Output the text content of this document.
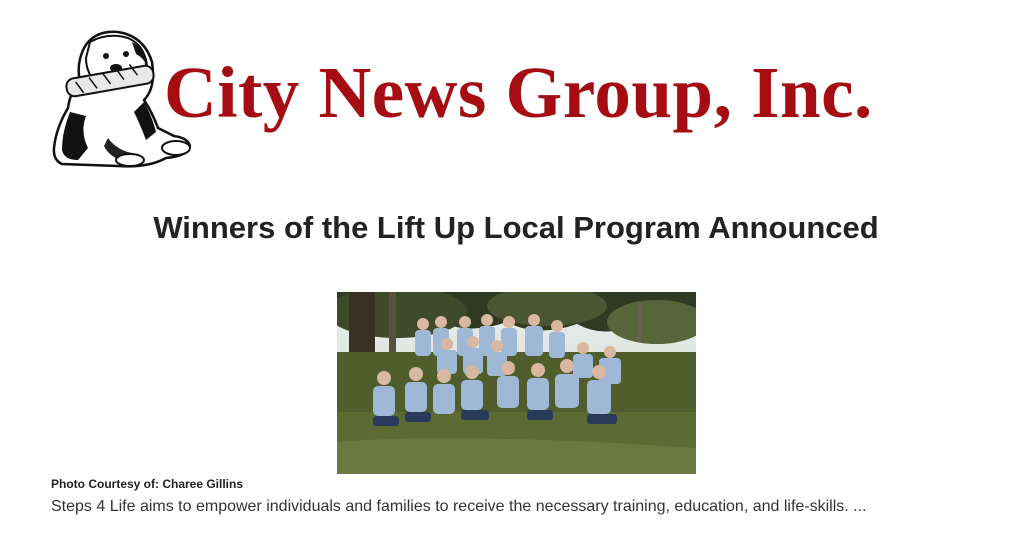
City News Group, Inc.
Winners of the Lift Up Local Program Announced
Photo Courtesy of: Charee Gillins

Steps 4 Life aims to empower individuals and families to receive the necessary training, education, and life-skills. ...
